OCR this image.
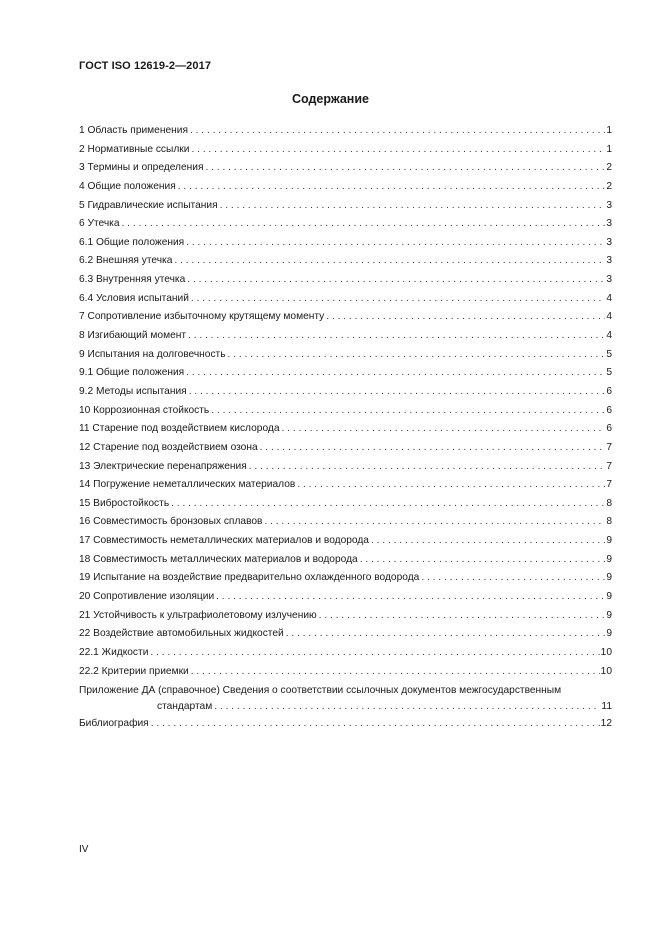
ГОСТ ISO 12619-2—2017
Содержание
1 Область применения . . .	1
2 Нормативные ссылки . . .	1
3 Термины и определения . . .	2
4 Общие положения . . .	2
5 Гидравлические испытания . . .	3
6 Утечка . . .	3
6.1 Общие положения . . .	3
6.2 Внешняя утечка . . .	3
6.3 Внутренняя утечка . . .	3
6.4 Условия испытаний . . .	4
7 Сопротивление избыточному крутящему моменту . . .	4
8 Изгибающий момент . . .	4
9 Испытания на долговечность . . .	5
9.1 Общие положения . . .	5
9.2 Методы испытания . . .	6
10 Коррозионная стойкость . . .	6
11 Старение под воздействием кислорода . . .	6
12 Старение под воздействием озона . . .	7
13 Электрические перенапряжения . . .	7
14 Погружение неметаллических материалов . . .	7
15 Виброcтойкость . . .	8
16 Совместимость бронзовых сплавов . . .	8
17 Совместимость неметаллических материалов и водорода . . .	9
18 Совместимость металлических материалов и водорода . . .	9
19 Испытание на воздействие предварительно охлажденного водорода . . .	9
20 Сопротивление изоляции . . .	9
21 Устойчивость к ультрафиолетовому излучению . . .	9
22 Воздействие автомобильных жидкостей . . .	9
22.1 Жидкости . . .	10
22.2 Критерии приемки . . .	10
Приложение ДА (справочное) Сведения о соответствии ссылочных документов межгосударственным
стандартам . . .	11
Библиография . . .	12
IV
